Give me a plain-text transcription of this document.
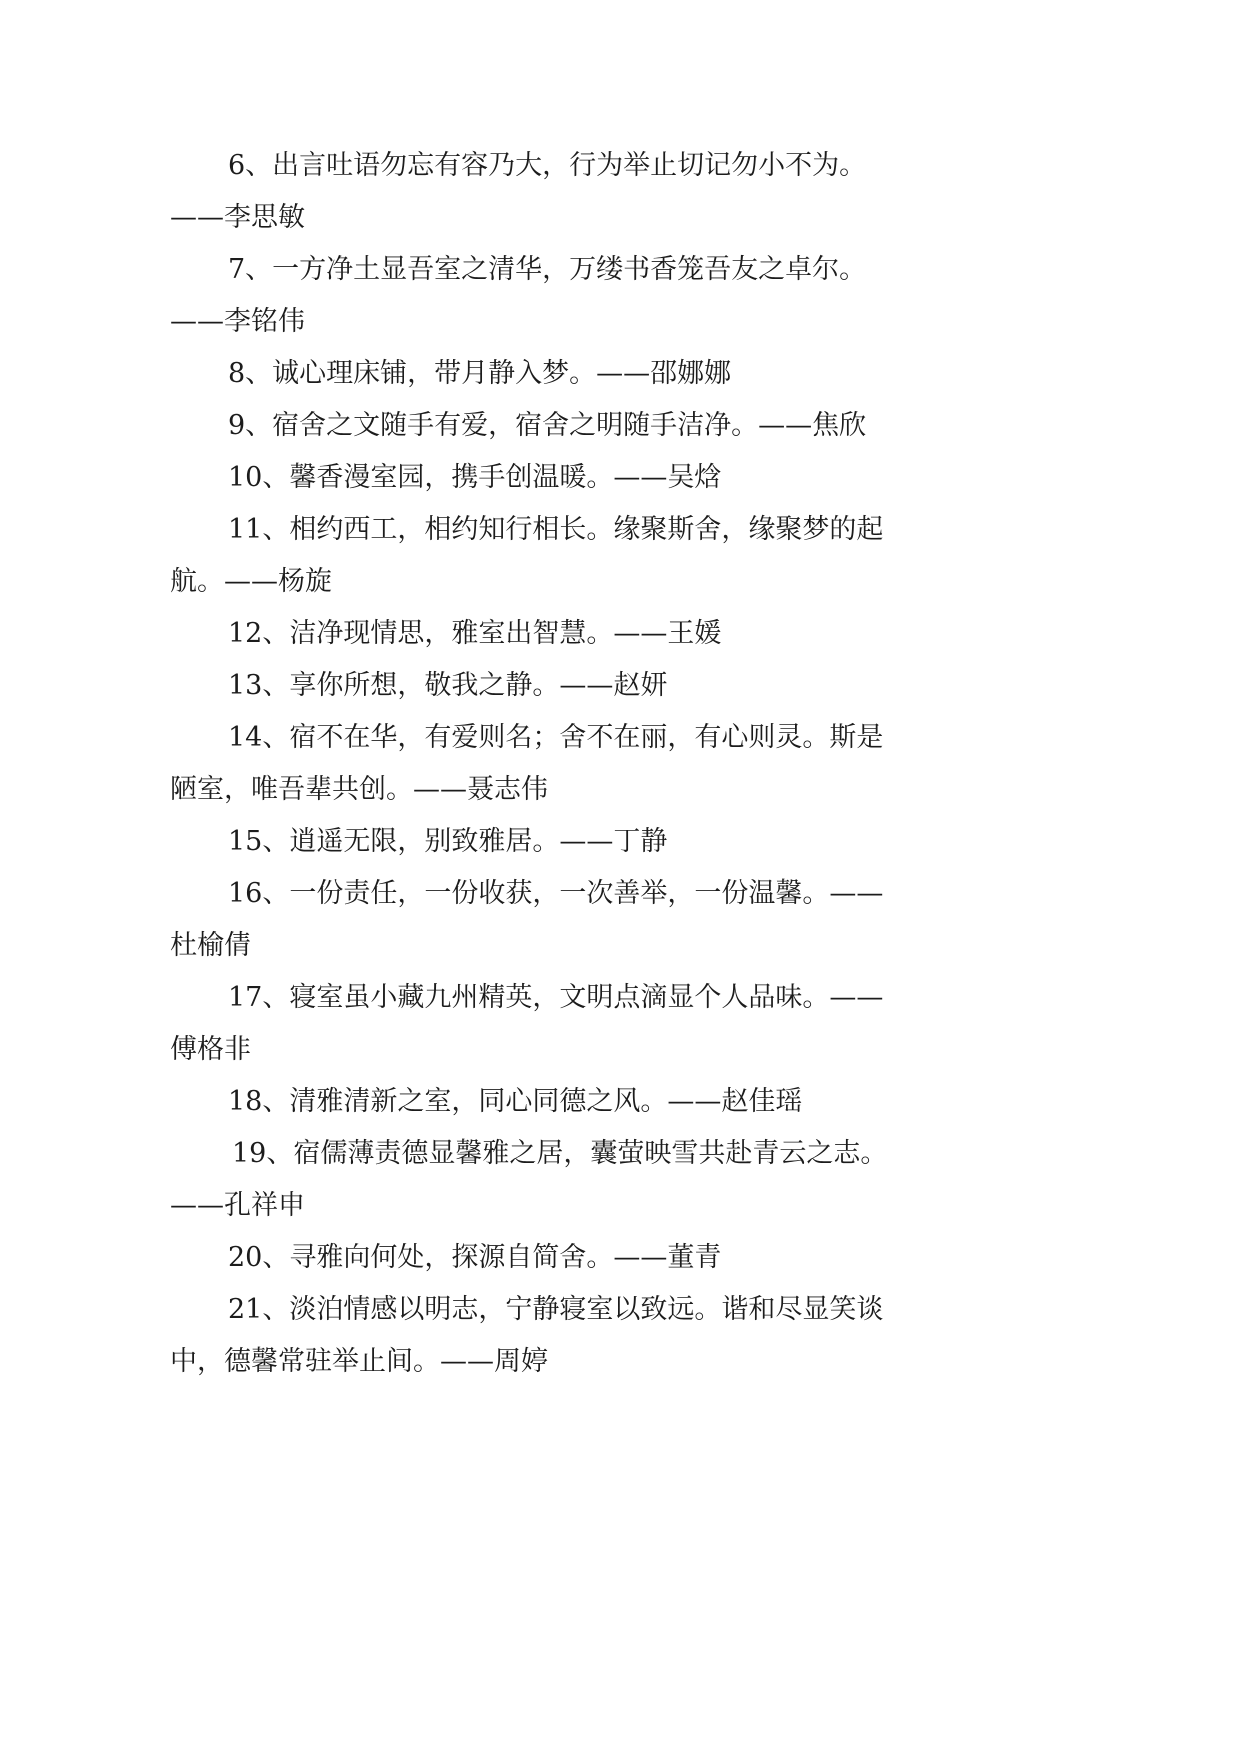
6、出言吐语勿忘有容乃大，行为举止切记勿小不为。
——李思敏
7、一方净土显吾室之清华，万缕书香笼吾友之卓尔。
——李铭伟
8、诚心理床铺，带月静入梦。——邵娜娜
9、宿舍之文随手有爱，宿舍之明随手洁净。——焦欣
10、馨香漫室园，携手创温暖。——吴焓
11、相约西工，相约知行相长。缘聚斯舍，缘聚梦的起
航。——杨旋
12、洁净现情思，雅室出智慧。——王媛
13、享你所想，敬我之静。——赵妍
14、宿不在华，有爱则名；舍不在丽，有心则灵。斯是
陋室，唯吾辈共创。——聂志伟
15、逍遥无限，别致雅居。——丁静
16、一份责任，一份收获，一次善举，一份温馨。——
杜榆倩
17、寝室虽小藏九州精英，文明点滴显个人品味。——
傅格非
18、清雅清新之室，同心同德之风。——赵佳瑶
19、宿儒薄责德显馨雅之居，囊萤映雪共赴青云之志。
——孔祥申
20、寻雅向何处，探源自简舍。——董青
21、淡泊情感以明志，宁静寝室以致远。谐和尽显笑谈
中，德馨常驻举止间。——周婷
